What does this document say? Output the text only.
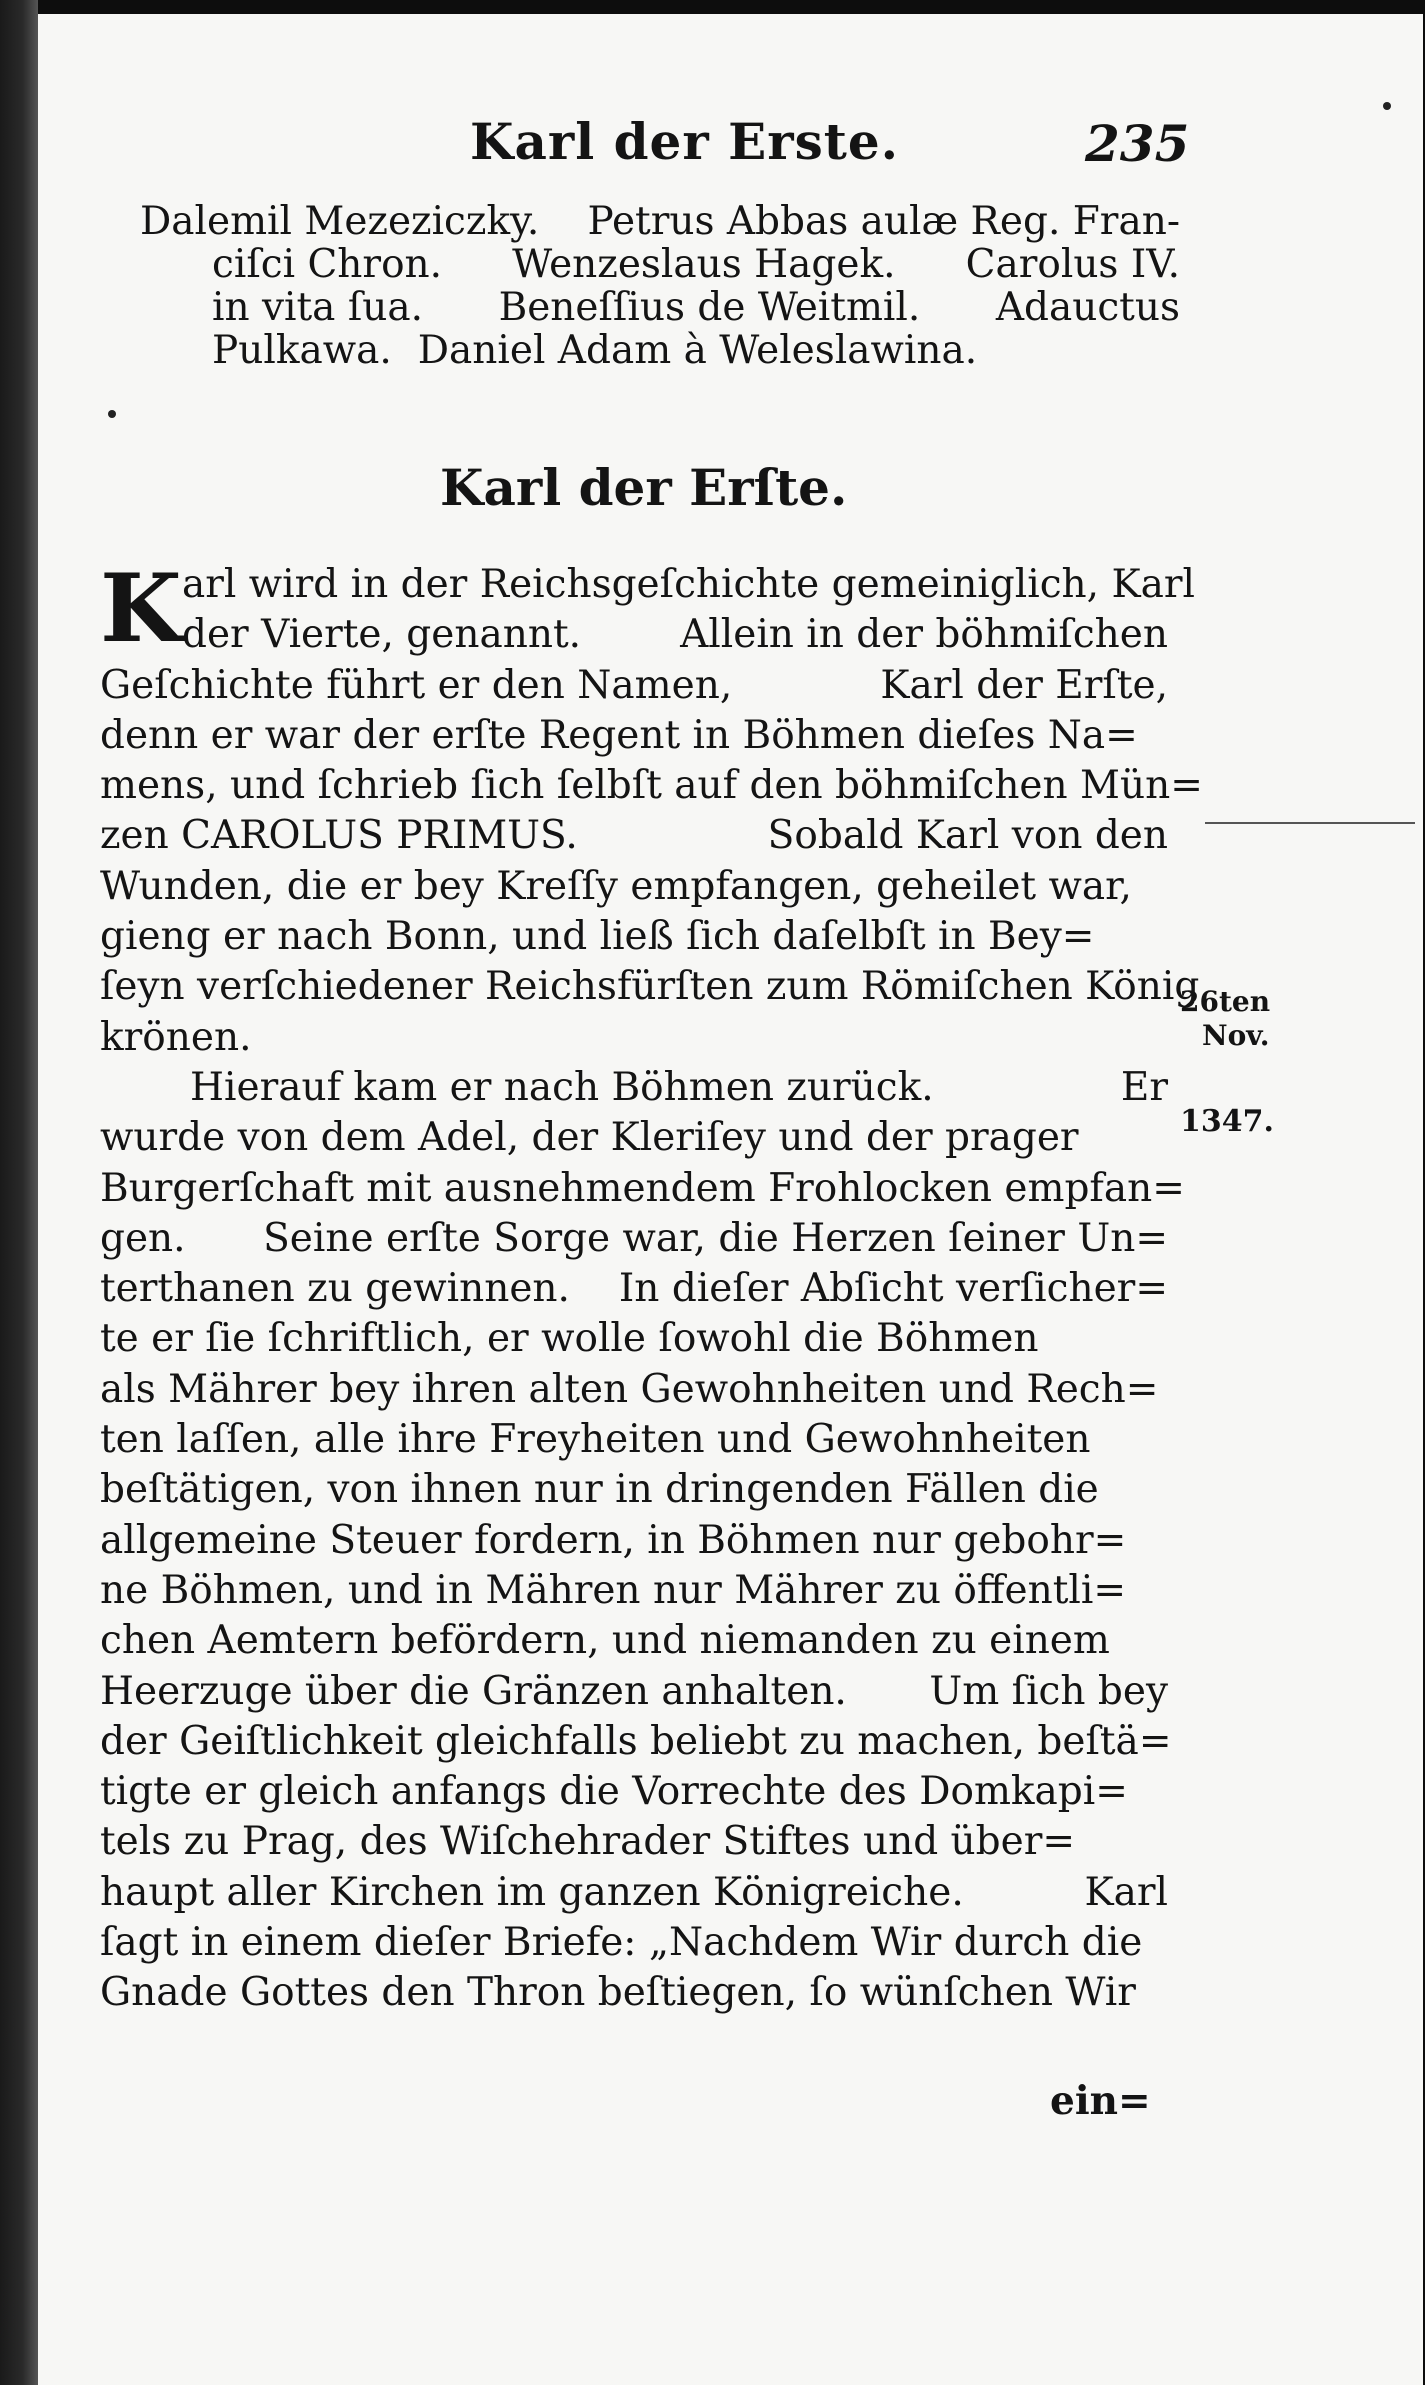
Karl der Erste.	235

Dalemil Mezeziczky. Petrus Abbas aulæ Reg. Fran-

ciſci Chron. Wenzeslaus Hagek. Carolus IV.

in vita ſua. Beneſſius de Weitmil. Adauctus

Pulkawa. Daniel Adam à Weleslawina.

Karl der Erſte.
K arl wird in der Reichsgeſchichte gemeiniglich, Karl
der Vierte, genannt.	Allein in der böhmiſchen
Geſchichte führt er den Namen,	Karl der Erſte,
denn er war der erſte Regent in Böhmen dieſes Na=
mens, und ſchrieb ſich ſelbſt auf den böhmiſchen Mün=
zen CAROLUS PRIMUS.	Sobald Karl von den
Wunden, die er bey Kreſſy empfangen, geheilet war,
gieng er nach Bonn, und ließ ſich daſelbſt in Bey=
ſeyn verſchiedener Reichsfürſten zum Römiſchen König
krönen.
Hierauf kam er nach Böhmen zurück.	Er
wurde von dem Adel, der Kleriſey und der prager
Burgerſchaft mit ausnehmendem Frohlocken empfan=
gen. Seine erſte Sorge war, die Herzen ſeiner Un=
terthanen zu gewinnen. In dieſer Abſicht verſicher=
te er ſie ſchriftlich, er wolle ſowohl die Böhmen
als Mährer bey ihren alten Gewohnheiten und Rech=
ten laſſen, alle ihre Freyheiten und Gewohnheiten
beſtätigen, von ihnen nur in dringenden Fällen die
allgemeine Steuer fordern, in Böhmen nur gebohr=
ne Böhmen, und in Mähren nur Mährer zu öffentli=
chen Aemtern befördern, und niemanden zu einem
Heerzuge über die Gränzen anhalten. Um ſich bey
der Geiſtlichkeit gleichfalls beliebt zu machen, beſtä=
tigte er gleich anfangs die Vorrechte des Domkapi=
tels zu Prag, des Wiſchehrader Stiftes und über=
haupt aller Kirchen im ganzen Königreiche.	Karl
ſagt in einem dieſer Briefe: „Nachdem Wir durch die
Gnade Gottes den Thron beſtiegen, ſo wünſchen Wir
26ten
Nov.
1347.
ein=
